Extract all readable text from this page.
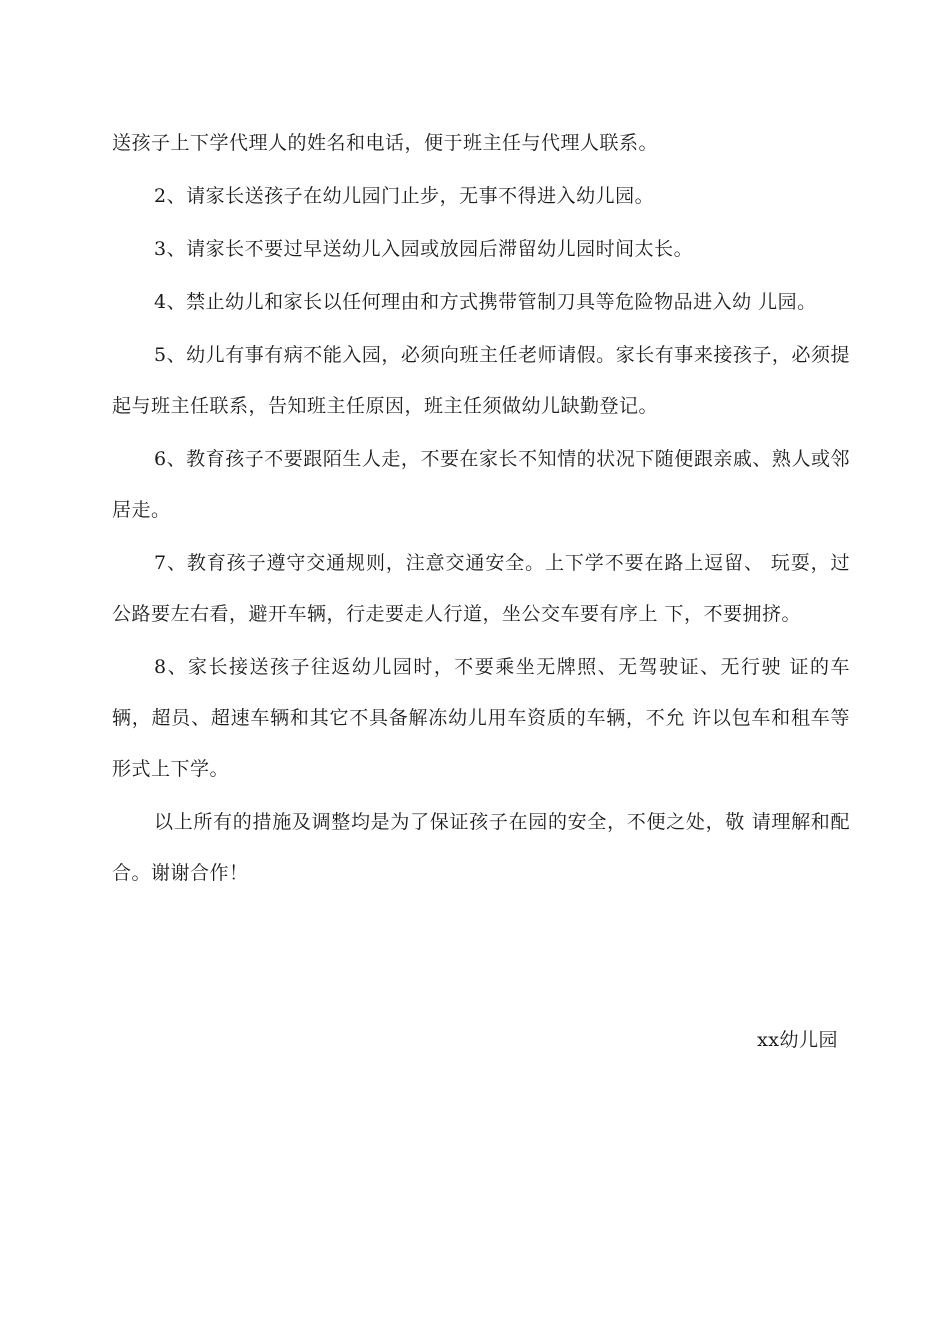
送孩子上下学代理人的姓名和电话，便于班主任与代理人联系。

2、请家长送孩子在幼儿园门止步，无事不得进入幼儿园。

3、请家长不要过早送幼儿入园或放园后滞留幼儿园时间太长。

4、禁止幼儿和家长以任何理由和方式携带管制刀具等危险物品进入幼 儿园。

5、幼儿有事有病不能入园，必须向班主任老师请假。家长有事来接孩子，必须提起与班主任联系，告知班主任原因，班主任须做幼儿缺勤登记。

6、教育孩子不要跟陌生人走，不要在家长不知情的状况下随便跟亲戚、熟人或邻居走。

7、教育孩子遵守交通规则，注意交通安全。上下学不要在路上逗留、 玩耍，过公路要左右看，避开车辆，行走要走人行道，坐公交车要有序上 下，不要拥挤。

8、家长接送孩子往返幼儿园时，不要乘坐无牌照、无驾驶证、无行驶 证的车辆，超员、超速车辆和其它不具备解冻幼儿用车资质的车辆，不允 许以包车和租车等形式上下学。

以上所有的措施及调整均是为了保证孩子在园的安全，不便之处，敬 请理解和配合。谢谢合作！

xx幼儿园
